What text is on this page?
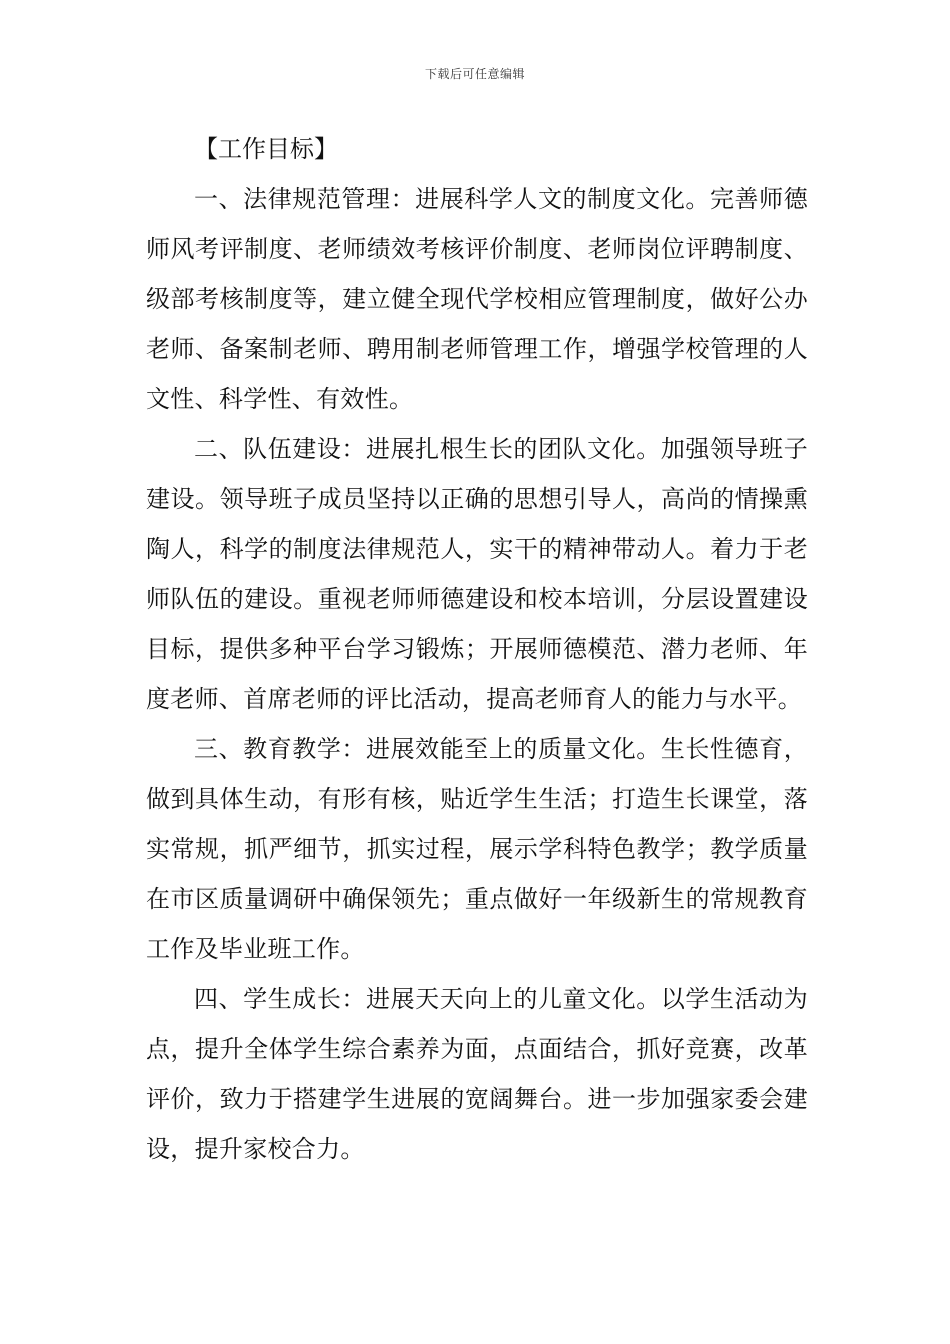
下载后可任意编辑
【工作目标】

一、法律规范管理：进展科学人文的制度文化。完善师德师风考评制度、老师绩效考核评价制度、老师岗位评聘制度、级部考核制度等，建立健全现代学校相应管理制度，做好公办老师、备案制老师、聘用制老师管理工作，增强学校管理的人文性、科学性、有效性。

二、队伍建设：进展扎根生长的团队文化。加强领导班子建设。领导班子成员坚持以正确的思想引导人，高尚的情操熏陶人，科学的制度法律规范人，实干的精神带动人。着力于老师队伍的建设。重视老师师德建设和校本培训，分层设置建设目标，提供多种平台学习锻炼；开展师德模范、潜力老师、年度老师、首席老师的评比活动，提高老师育人的能力与水平。

三、教育教学：进展效能至上的质量文化。生长性德育，做到具体生动，有形有核，贴近学生生活；打造生长课堂，落实常规，抓严细节，抓实过程，展示学科特色教学；教学质量在市区质量调研中确保领先；重点做好一年级新生的常规教育工作及毕业班工作。

四、学生成长：进展天天向上的儿童文化。以学生活动为点，提升全体学生综合素养为面，点面结合，抓好竞赛，改革评价，致力于搭建学生进展的宽阔舞台。进一步加强家委会建设，提升家校合力。
